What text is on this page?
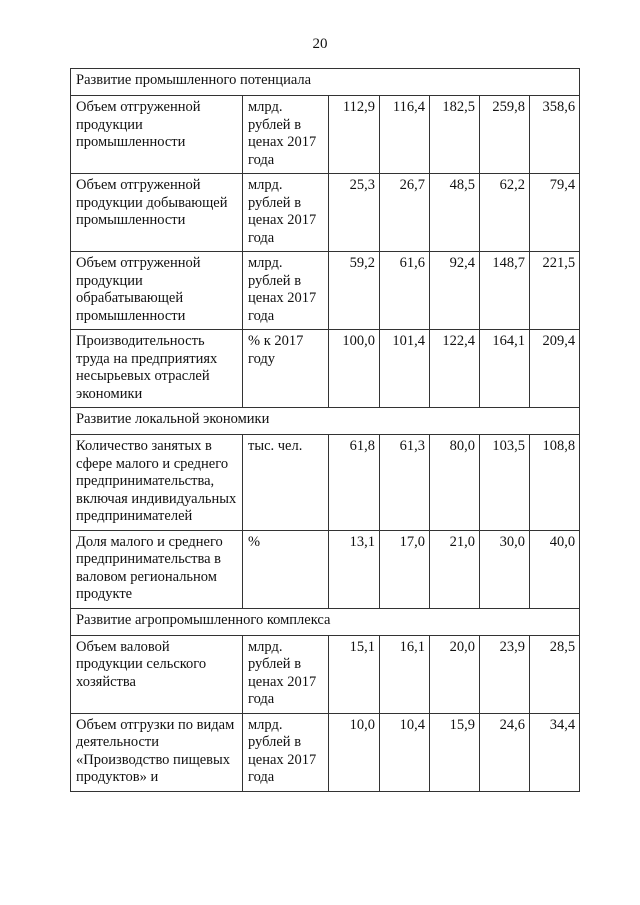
20
Развитие промышленного потенциала						
Объем отгруженной продукции промышленности	млрд. рублей в ценах 2017 года	112,9	116,4	182,5	259,8	358,6
Объем отгруженной продукции добывающей промышленности	млрд. рублей в ценах 2017 года	25,3	26,7	48,5	62,2	79,4
Объем отгруженной продукции обрабатывающей промышленности	млрд. рублей в ценах 2017 года	59,2	61,6	92,4	148,7	221,5
Производительность труда на предприятиях несырьевых отраслей экономики	% к 2017 году	100,0	101,4	122,4	164,1	209,4
Развитие локальной экономики						
Количество занятых в сфере малого и среднего предпринимательства, включая индивидуальных предпринимателей	тыс. чел.	61,8	61,3	80,0	103,5	108,8
Доля малого и среднего предпринимательства в валовом региональном продукте	%	13,1	17,0	21,0	30,0	40,0
Развитие агропромышленного комплекса						
Объем валовой продукции сельского хозяйства	млрд. рублей в ценах 2017 года	15,1	16,1	20,0	23,9	28,5
Объем отгрузки по видам деятельности «Производство пищевых продуктов» и	млрд. рублей в ценах 2017 года	10,0	10,4	15,9	24,6	34,4
